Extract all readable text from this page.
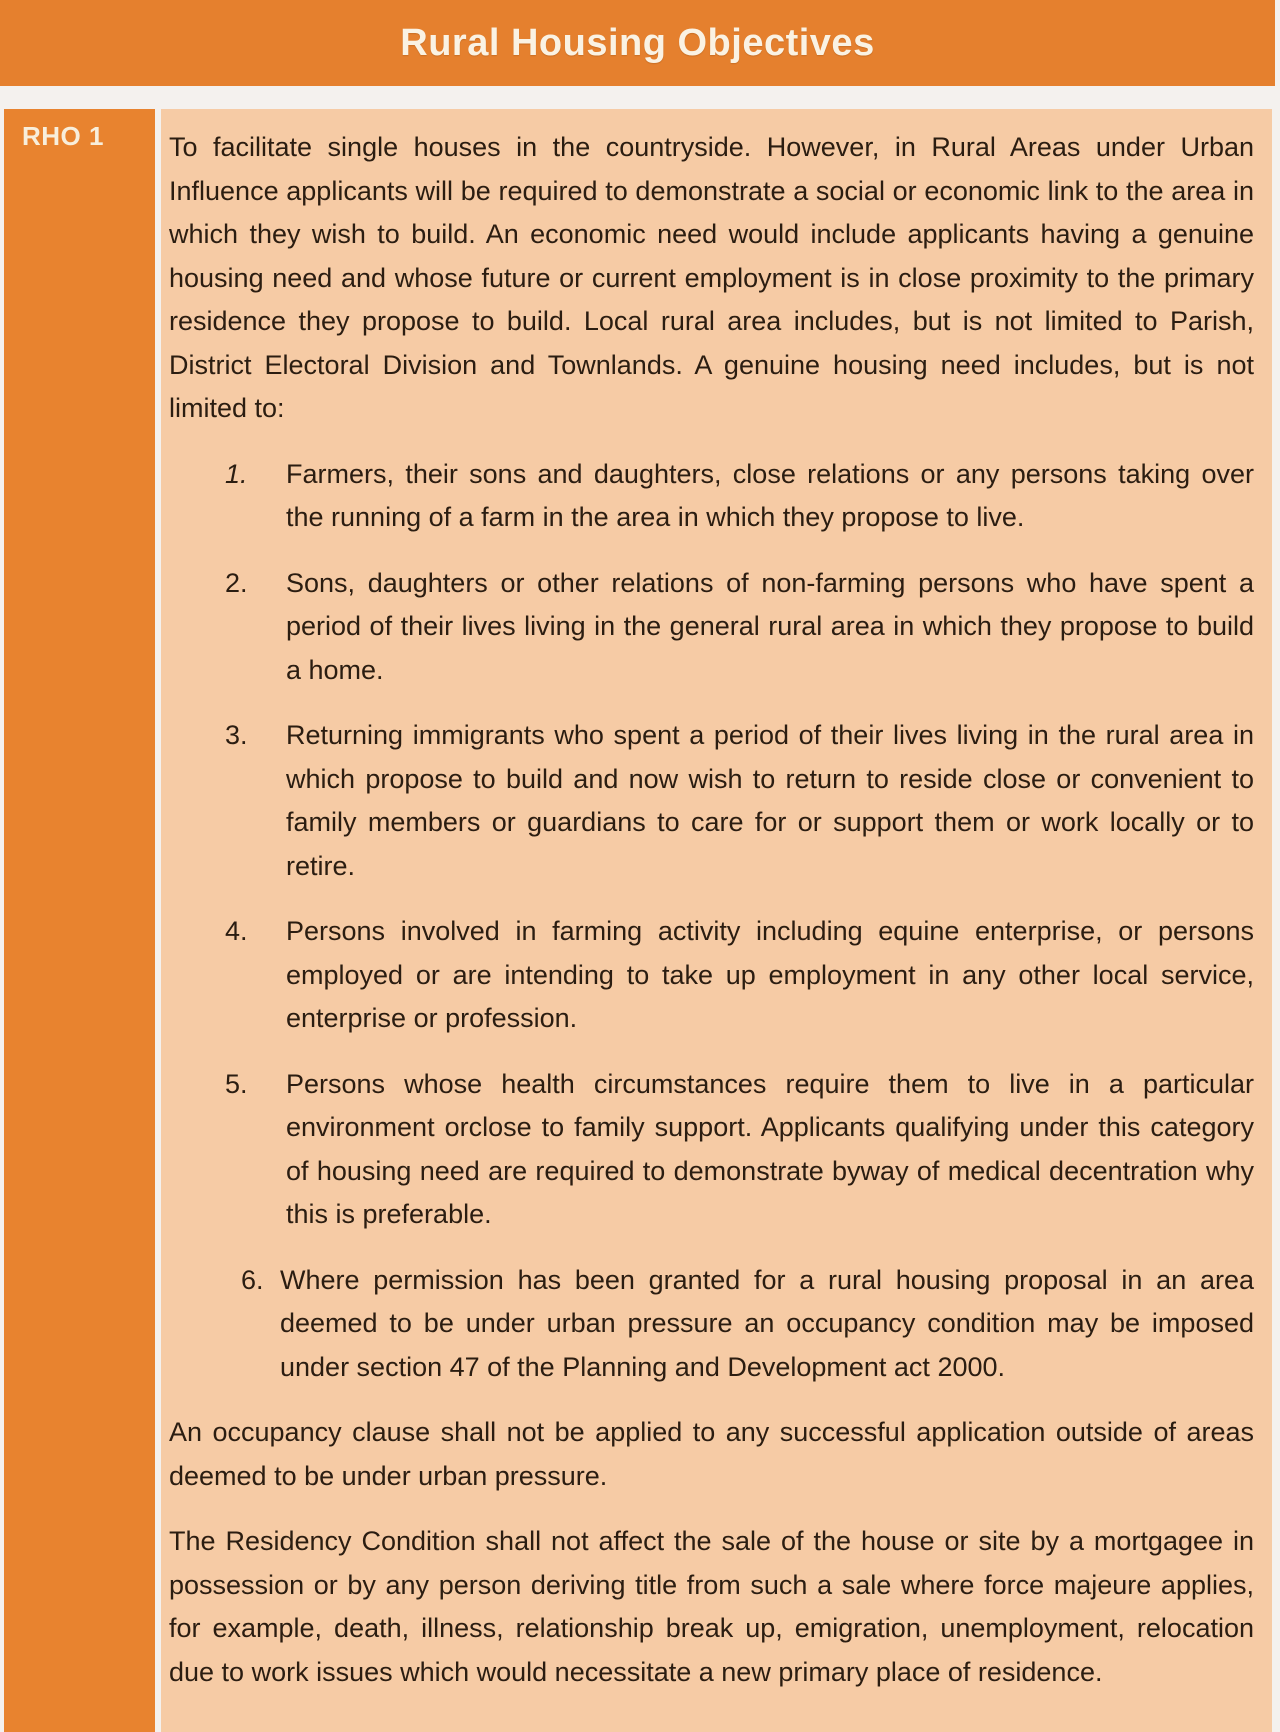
Rural Housing Objectives
RHO 1	To facilitate single houses in the countryside. However, in Rural Areas under Urban Influence applicants will be required to demonstrate a social or economic link to the area in which they wish to build. An economic need would include applicants having a genuine housing need and whose future or current employment is in close proximity to the primary residence they propose to build. Local rural area includes, but is not limited to Parish, District Electoral Division and Townlands. A genuine housing need includes, but is not limited to:

1. Farmers, their sons and daughters, close relations or any persons taking over the running of a farm in the area in which they propose to live.
2. Sons, daughters or other relations of non-farming persons who have spent a period of their lives living in the general rural area in which they propose to build a home.
3. Returning immigrants who spent a period of their lives living in the rural area in which propose to build and now wish to return to reside close or convenient to family members or guardians to care for or support them or work locally or to retire.
4. Persons involved in farming activity including equine enterprise, or persons employed or are intending to take up employment in any other local service, enterprise or profession.
5. Persons whose health circumstances require them to live in a particular environment orclose to family support. Applicants qualifying under this category of housing need are required to demonstrate byway of medical decentration why this is preferable.
6. Where permission has been granted for a rural housing proposal in an area deemed to be under urban pressure an occupancy condition may be imposed under section 47 of the Planning and Development act 2000.

An occupancy clause shall not be applied to any successful application outside of areas deemed to be under urban pressure.

The Residency Condition shall not affect the sale of the house or site by a mortgagee in possession or by any person deriving title from such a sale where force majeure applies, for example, death, illness, relationship break up, emigration, unemployment, relocation due to work issues which would necessitate a new primary place of residence.
